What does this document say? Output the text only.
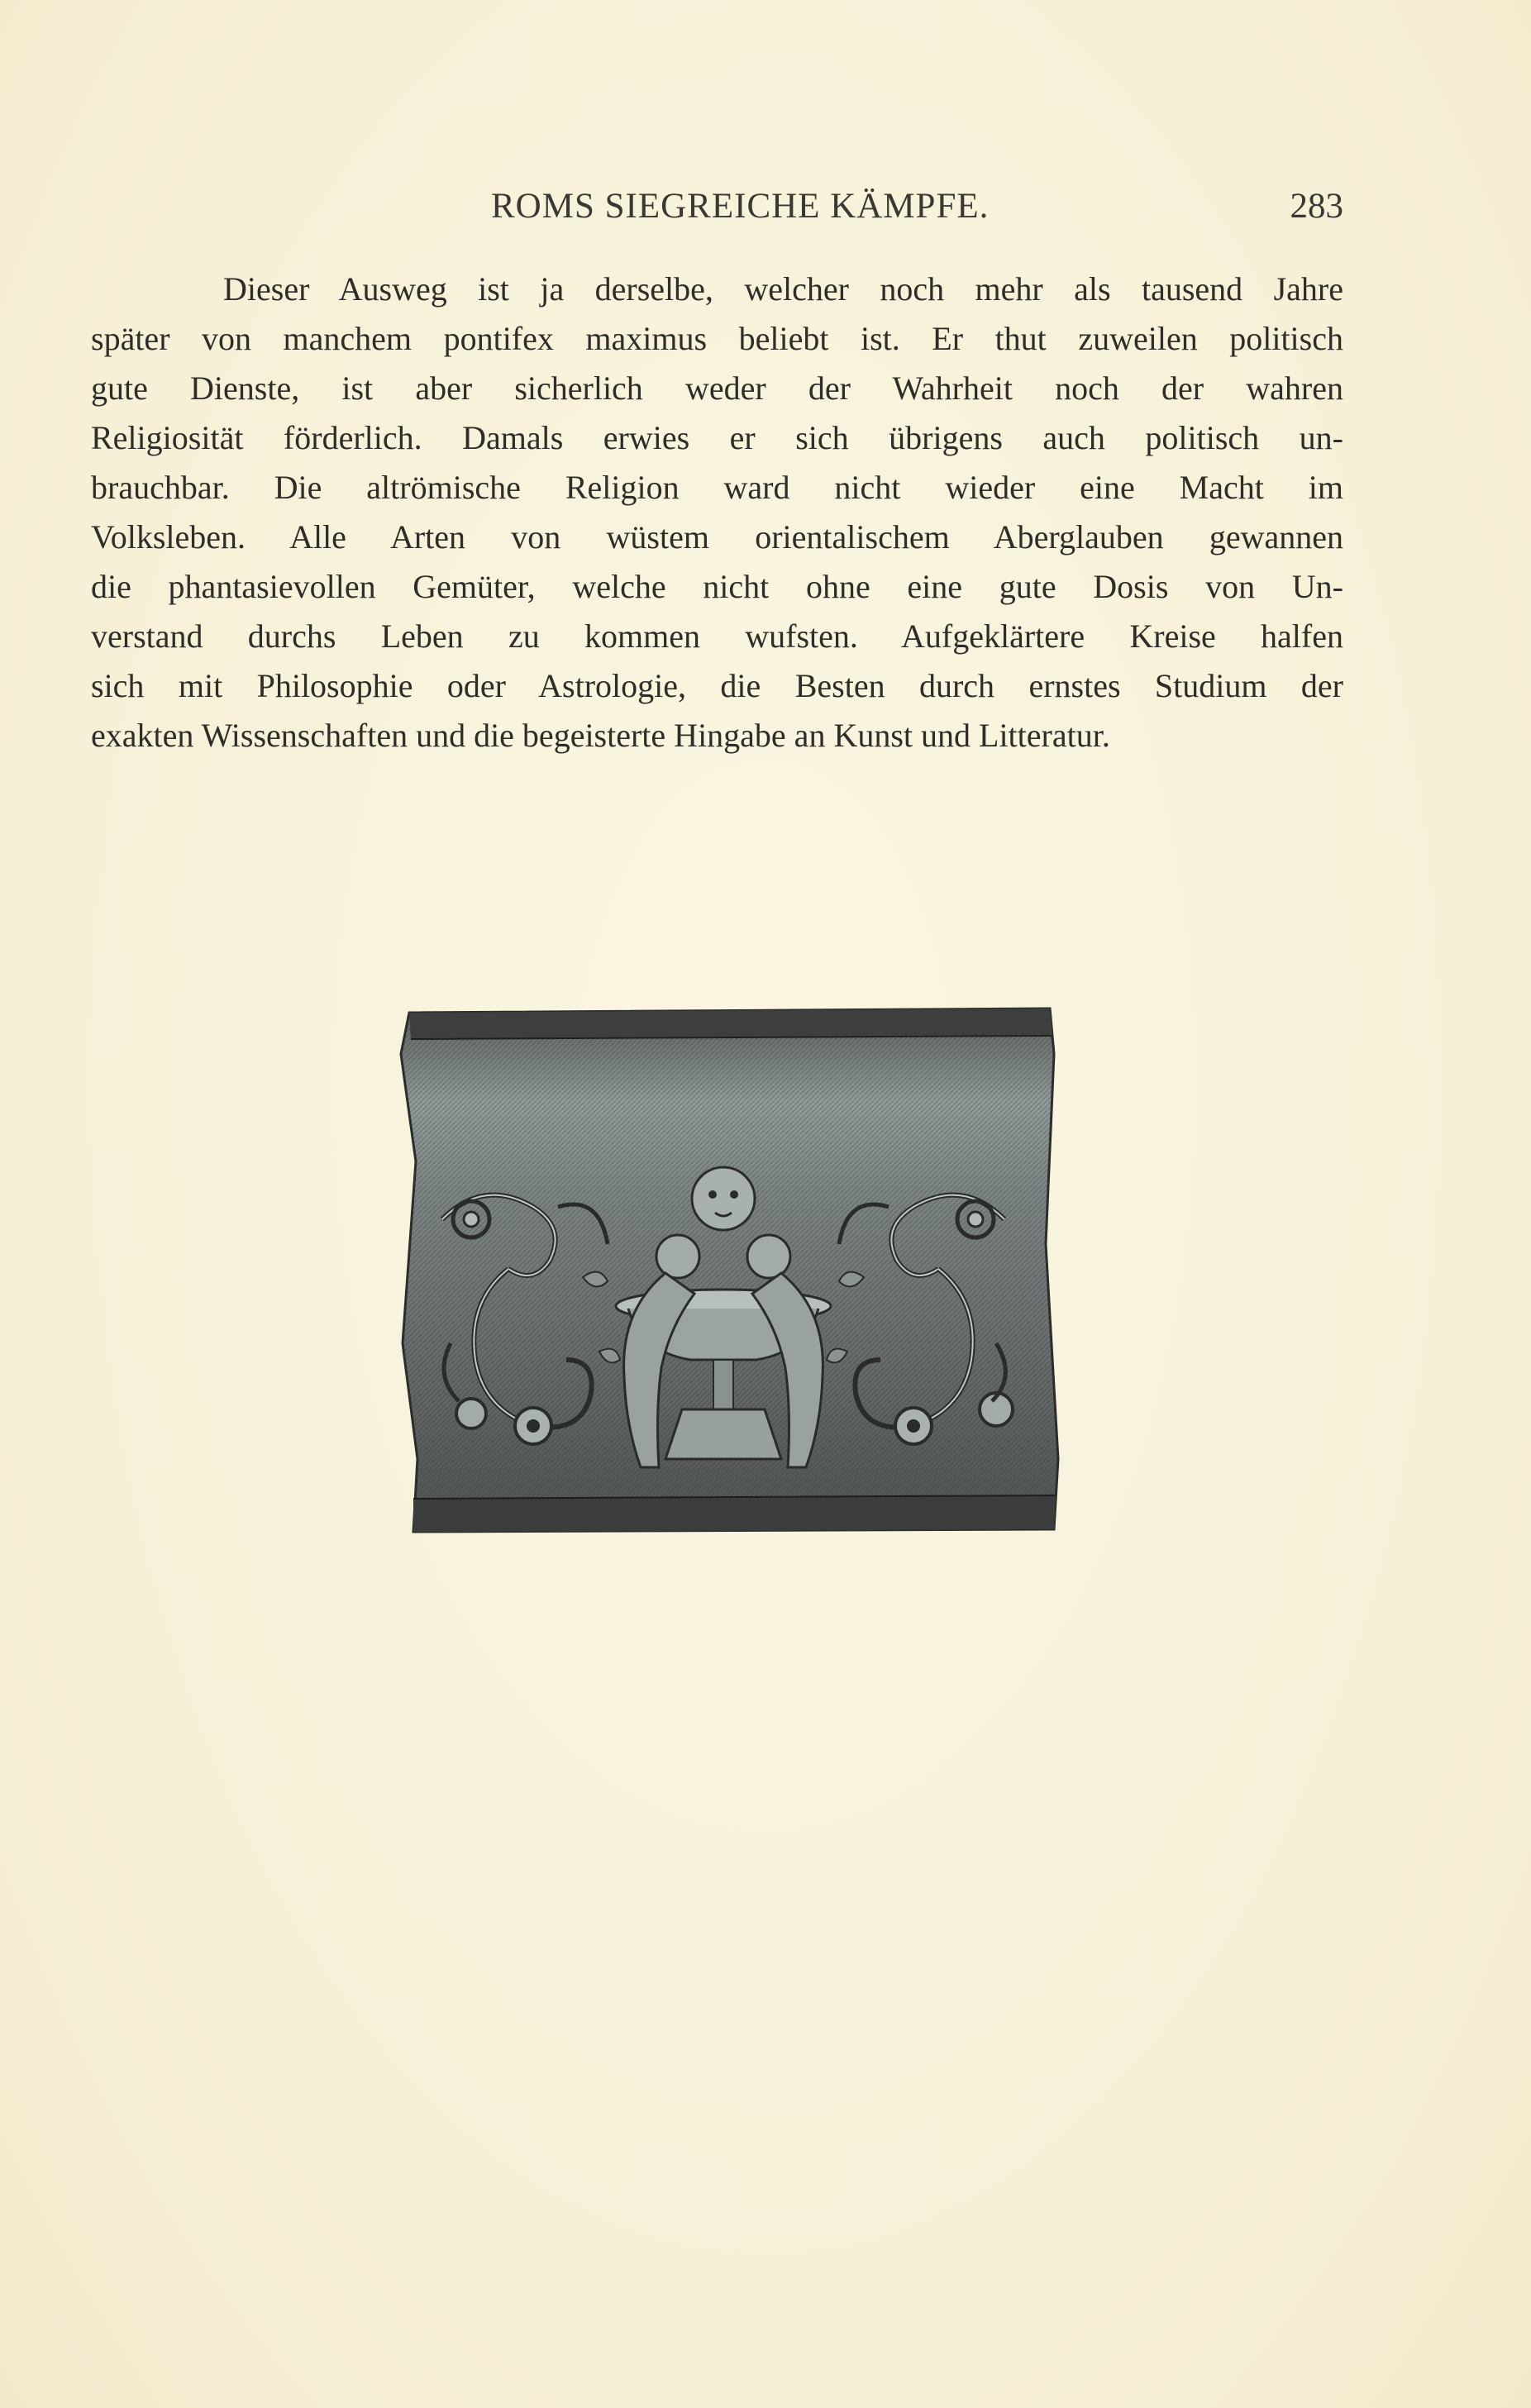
ROMS SIEGREICHE KÄMPFE.	283
Dieser Ausweg ist ja derselbe, welcher noch mehr als tausend Jahre
später von manchem pontifex maximus beliebt ist. Er thut zuweilen politisch
gute Dienste, ist aber sicherlich weder der Wahrheit noch der wahren
Religiosität förderlich. Damals erwies er sich übrigens auch politisch un-
brauchbar. Die altrömische Religion ward nicht wieder eine Macht im
Volksleben. Alle Arten von wüstem orientalischem Aberglauben gewannen
die phantasievollen Gemüter, welche nicht ohne eine gute Dosis von Un-
verstand durchs Leben zu kommen wufsten. Aufgeklärtere Kreise halfen
sich mit Philosophie oder Astrologie, die Besten durch ernstes Studium der
exakten Wissenschaften und die begeisterte Hingabe an Kunst und Litteratur.
